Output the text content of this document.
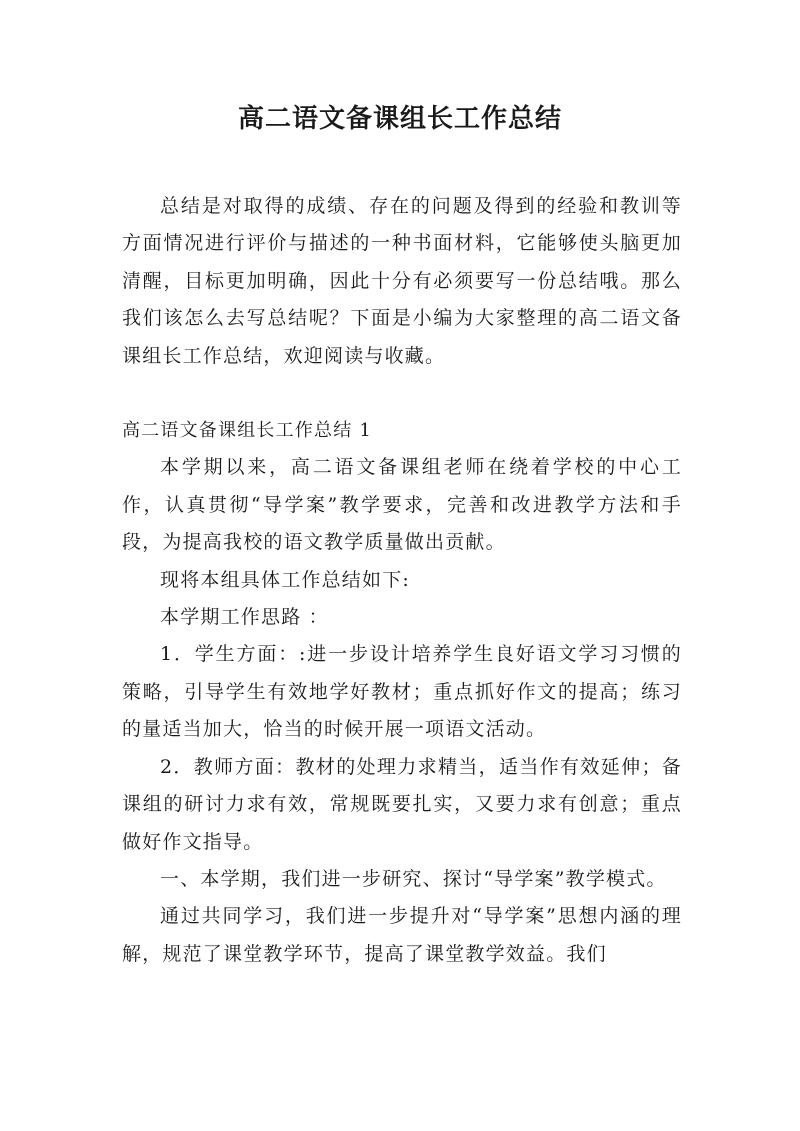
高二语文备课组长工作总结

总结是对取得的成绩、存在的问题及得到的经验和教训等方面情况进行评价与描述的一种书面材料，它能够使头脑更加清醒，目标更加明确，因此十分有必须要写一份总结哦。那么我们该怎么去写总结呢？下面是小编为大家整理的高二语文备课组长工作总结，欢迎阅读与收藏。

高二语文备课组长工作总结 1

本学期以来，高二语文备课组老师在绕着学校的中心工作，认真贯彻“导学案”教学要求，完善和改进教学方法和手段，为提高我校的语文教学质量做出贡献。

现将本组具体工作总结如下:

本学期工作思路 ：

1．学生方面：:进一步设计培养学生良好语文学习习惯的策略，引导学生有效地学好教材；重点抓好作文的提高；练习的量适当加大，恰当的时候开展一项语文活动。

2．教师方面：教材的处理力求精当，适当作有效延伸；备课组的研讨力求有效，常规既要扎实，又要力求有创意；重点做好作文指导。

一、本学期，我们进一步研究、探讨“导学案”教学模式。

通过共同学习，我们进一步提升对“导学案”思想内涵的理解，规范了课堂教学环节，提高了课堂教学效益。我们
